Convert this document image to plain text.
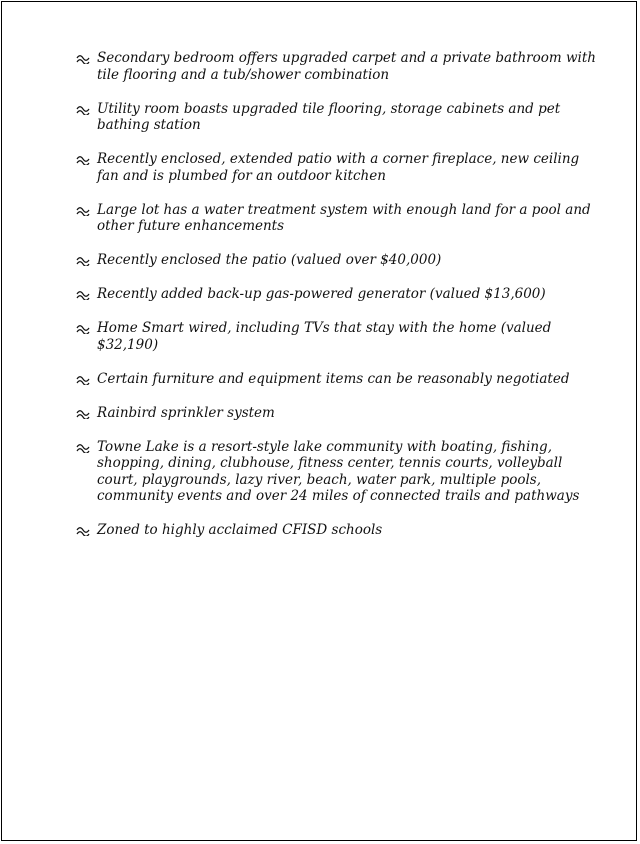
Secondary bedroom offers upgraded carpet and a private bathroom with tile flooring and a tub/shower combination
Utility room boasts upgraded tile flooring, storage cabinets and pet bathing station
Recently enclosed, extended patio with a corner fireplace, new ceiling fan and is plumbed for an outdoor kitchen
Large lot has a water treatment system with enough land for a pool and other future enhancements
Recently enclosed the patio (valued over $40,000)
Recently added back-up gas-powered generator (valued $13,600)
Home Smart wired, including TVs that stay with the home (valued $32,190)
Certain furniture and equipment items can be reasonably negotiated
Rainbird sprinkler system
Towne Lake is a resort-style lake community with boating, fishing, shopping, dining, clubhouse, fitness center, tennis courts, volleyball court, playgrounds, lazy river, beach, water park, multiple pools, community events and over 24 miles of connected trails and pathways
Zoned to highly acclaimed CFISD schools
